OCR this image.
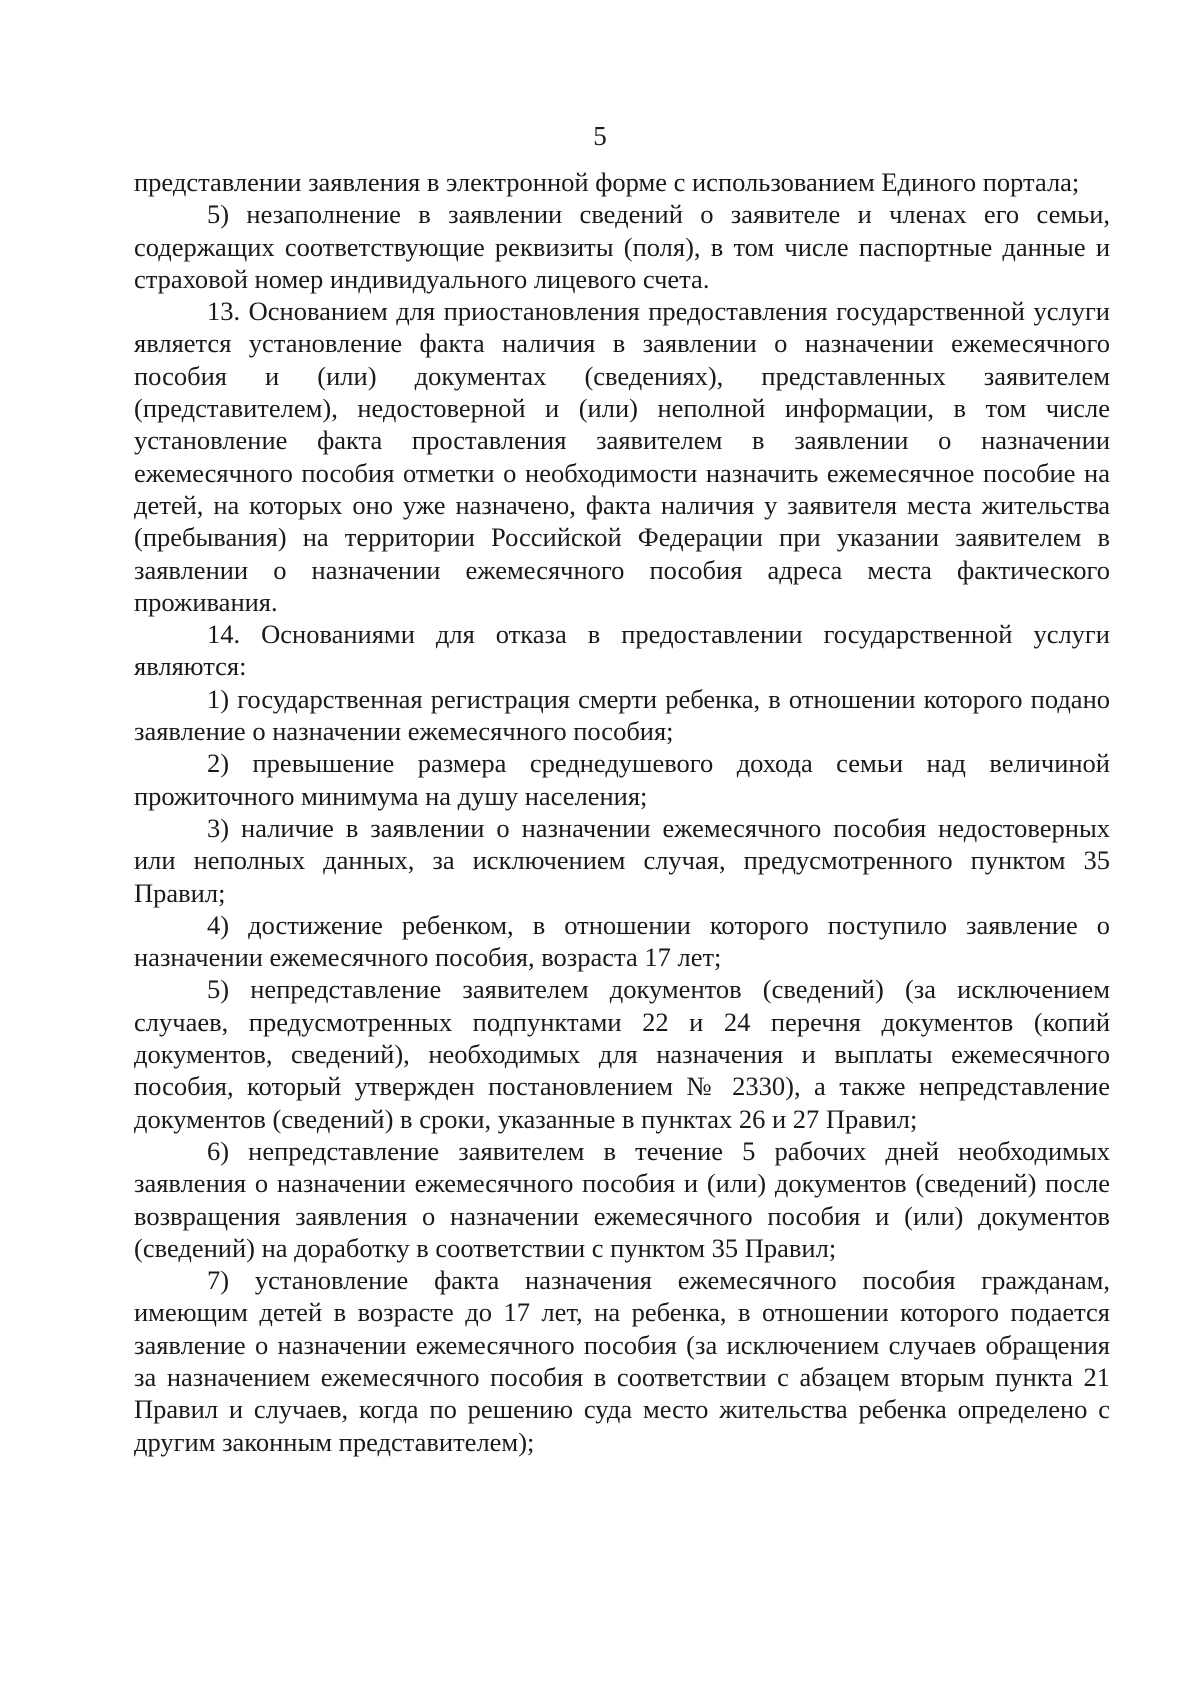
5

представлении заявления в электронной форме с использованием Единого портала;

5) незаполнение в заявлении сведений о заявителе и членах его семьи, содержащих соответствующие реквизиты (поля), в том числе паспортные данные и страховой номер индивидуального лицевого счета.

13. Основанием для приостановления предоставления государственной услуги является установление факта наличия в заявлении о назначении ежемесячного пособия и (или) документах (сведениях), представленных заявителем (представителем), недостоверной и (или) неполной информации, в том числе установление факта проставления заявителем в заявлении о назначении ежемесячного пособия отметки о необходимости назначить ежемесячное пособие на детей, на которых оно уже назначено, факта наличия у заявителя места жительства (пребывания) на территории Российской Федерации при указании заявителем в заявлении о назначении ежемесячного пособия адреса места фактического проживания.

14. Основаниями для отказа в предоставлении государственной услуги являются:

1) государственная регистрация смерти ребенка, в отношении которого подано заявление о назначении ежемесячного пособия;

2) превышение размера среднедушевого дохода семьи над величиной прожиточного минимума на душу населения;

3) наличие в заявлении о назначении ежемесячного пособия недостоверных или неполных данных, за исключением случая, предусмотренного пунктом 35 Правил;

4) достижение ребенком, в отношении которого поступило заявление о назначении ежемесячного пособия, возраста 17 лет;

5) непредставление заявителем документов (сведений) (за исключением случаев, предусмотренных подпунктами 22 и 24 перечня документов (копий документов, сведений), необходимых для назначения и выплаты ежемесячного пособия, который утвержден постановлением № 2330), а также непредставление документов (сведений) в сроки, указанные в пунктах 26 и 27 Правил;

6) непредставление заявителем в течение 5 рабочих дней необходимых заявления о назначении ежемесячного пособия и (или) документов (сведений) после возвращения заявления о назначении ежемесячного пособия и (или) документов (сведений) на доработку в соответствии с пунктом 35 Правил;

7) установление факта назначения ежемесячного пособия гражданам, имеющим детей в возрасте до 17 лет, на ребенка, в отношении которого подается заявление о назначении ежемесячного пособия (за исключением случаев обращения за назначением ежемесячного пособия в соответствии с абзацем вторым пункта 21 Правил и случаев, когда по решению суда место жительства ребенка определено с другим законным представителем);
